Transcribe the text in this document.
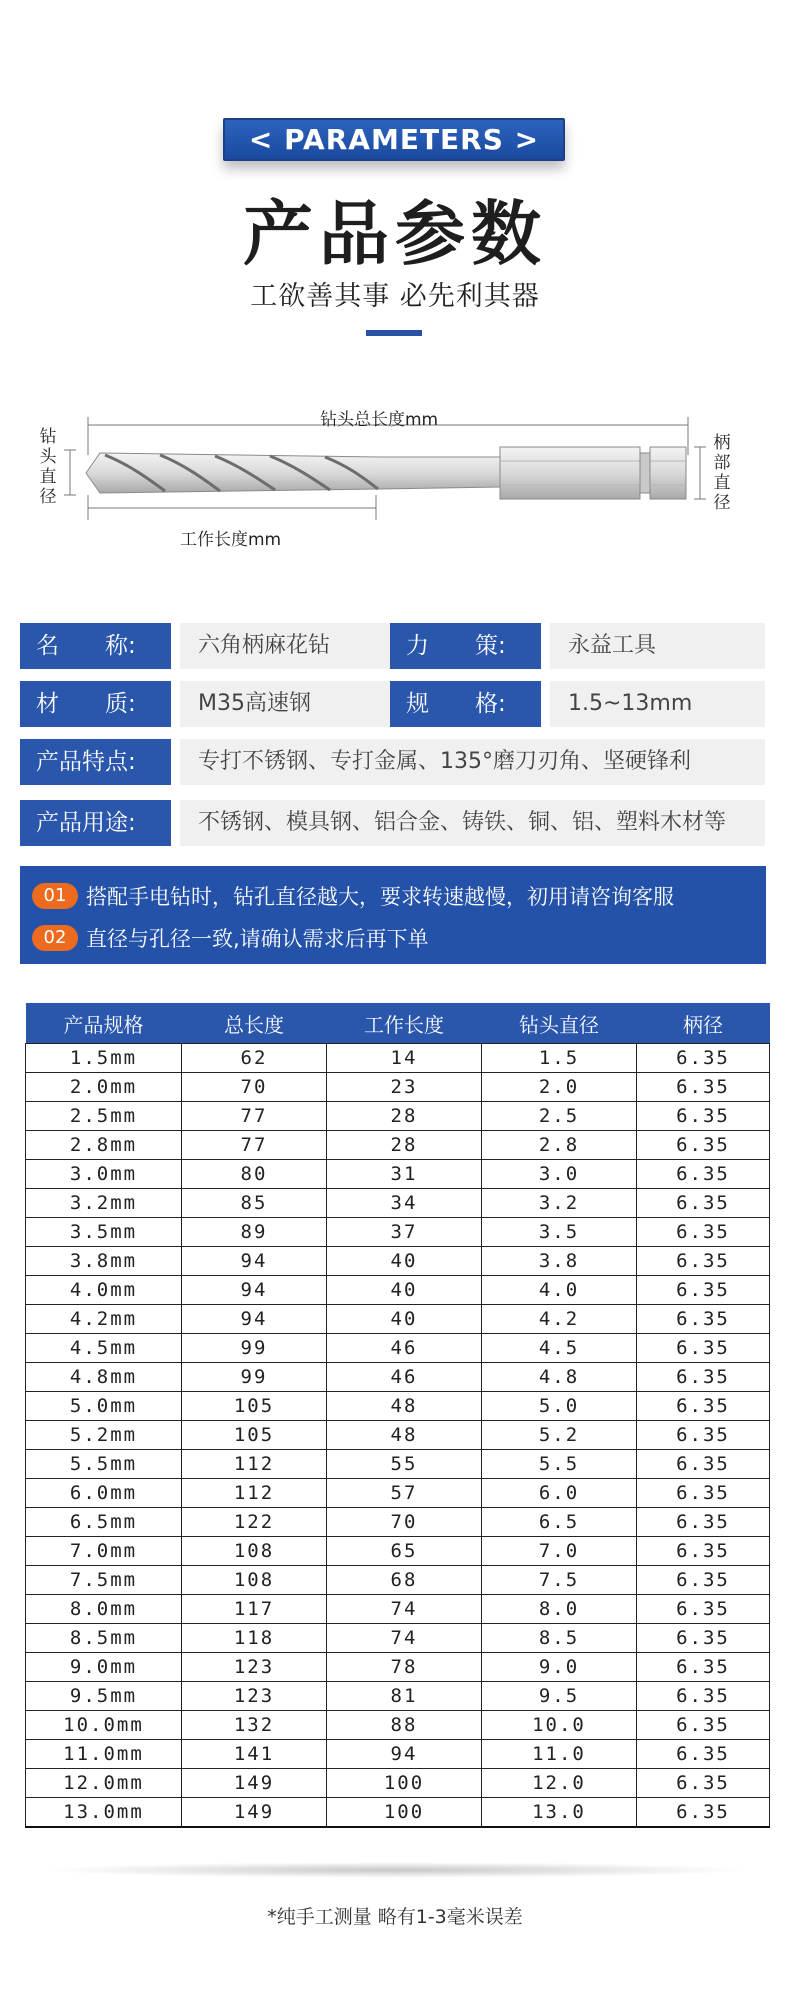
< PARAMETERS >
产品参数
工欲善其事 必先利其器
钻头总长度mm
工作长度mm
钻
头
直
径
柄
部
直
径
名　　称:	六角柄麻花钻	力　　策:	永益工具
材　　质:	M35高速钢	规　　格:	1.5~13mm
产品特点:	专打不锈钢、专打金属、135°磨刀刃角、坚硬锋利
产品用途:	不锈钢、模具钢、铝合金、铸铁、铜、铝、塑料木材等
01 搭配手电钻时，钻孔直径越大，要求转速越慢，初用请咨询客服
02 直径与孔径一致,请确认需求后再下单
产品规格	总长度	工作长度	钻头直径	柄径
1.5mm	62	14	1.5	6.35
2.0mm	70	23	2.0	6.35
2.5mm	77	28	2.5	6.35
2.8mm	77	28	2.8	6.35
3.0mm	80	31	3.0	6.35
3.2mm	85	34	3.2	6.35
3.5mm	89	37	3.5	6.35
3.8mm	94	40	3.8	6.35
4.0mm	94	40	4.0	6.35
4.2mm	94	40	4.2	6.35
4.5mm	99	46	4.5	6.35
4.8mm	99	46	4.8	6.35
5.0mm	105	48	5.0	6.35
5.2mm	105	48	5.2	6.35
5.5mm	112	55	5.5	6.35
6.0mm	112	57	6.0	6.35
6.5mm	122	70	6.5	6.35
7.0mm	108	65	7.0	6.35
7.5mm	108	68	7.5	6.35
8.0mm	117	74	8.0	6.35
8.5mm	118	74	8.5	6.35
9.0mm	123	78	9.0	6.35
9.5mm	123	81	9.5	6.35
10.0mm	132	88	10.0	6.35
11.0mm	141	94	11.0	6.35
12.0mm	149	100	12.0	6.35
13.0mm	149	100	13.0	6.35
*纯手工测量 略有1-3毫米误差
